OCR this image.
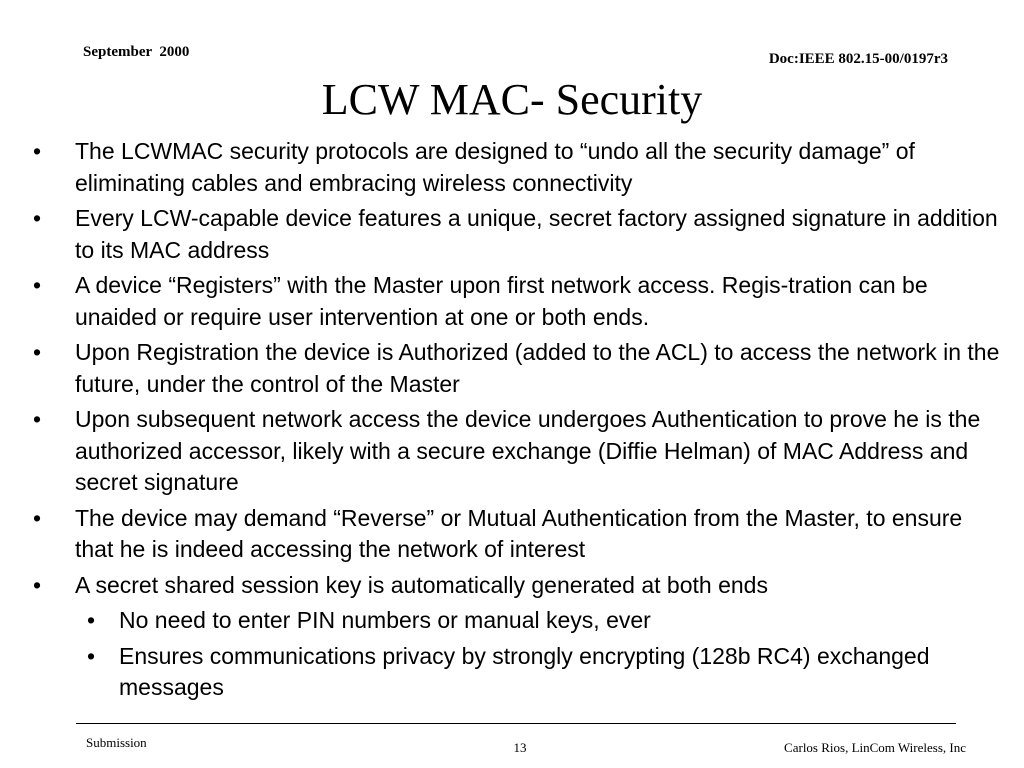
September  2000	Doc:IEEE 802.15-00/0197r3
LCW MAC- Security
• The LCWMAC security protocols are designed to “undo all the security damage” of eliminating cables and embracing wireless connectivity
• Every LCW-capable device features a unique, secret factory assigned signature in addition to its MAC address
• A device “Registers” with the Master upon first network access. Regis-tration can be unaided or require user intervention at one or both ends.
• Upon Registration the device is Authorized (added to the ACL) to access the network in the future, under the control of the Master
• Upon subsequent network access the device undergoes Authentication to prove he is the authorized accessor, likely with a secure exchange (Diffie Helman) of MAC Address and secret signature
• The device may demand “Reverse” or Mutual Authentication from the Master, to ensure that he is indeed accessing the network of interest
• A secret shared session key is automatically generated at both ends
• No need to enter PIN numbers or manual keys, ever
• Ensures communications privacy by strongly encrypting (128b RC4) exchanged messages
Submission	13	Carlos Rios, LinCom Wireless, Inc
